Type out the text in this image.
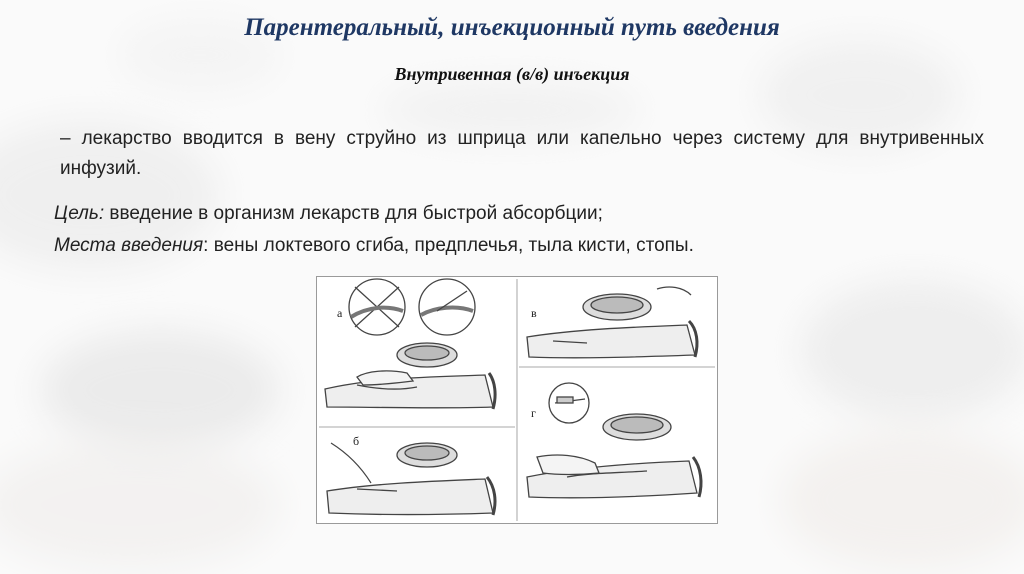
Парентеральный, инъекционный путь введения
Внутривенная (в/в) инъекция
– лекарство вводится в вену струйно из шприца или капельно через систему для внутривенных инфузий.
Цель: введение в организм лекарств для быстрой абсорбции;
Места введения: вены локтевого сгиба, предплечья, тыла кисти, стопы.
а
б
в
г
